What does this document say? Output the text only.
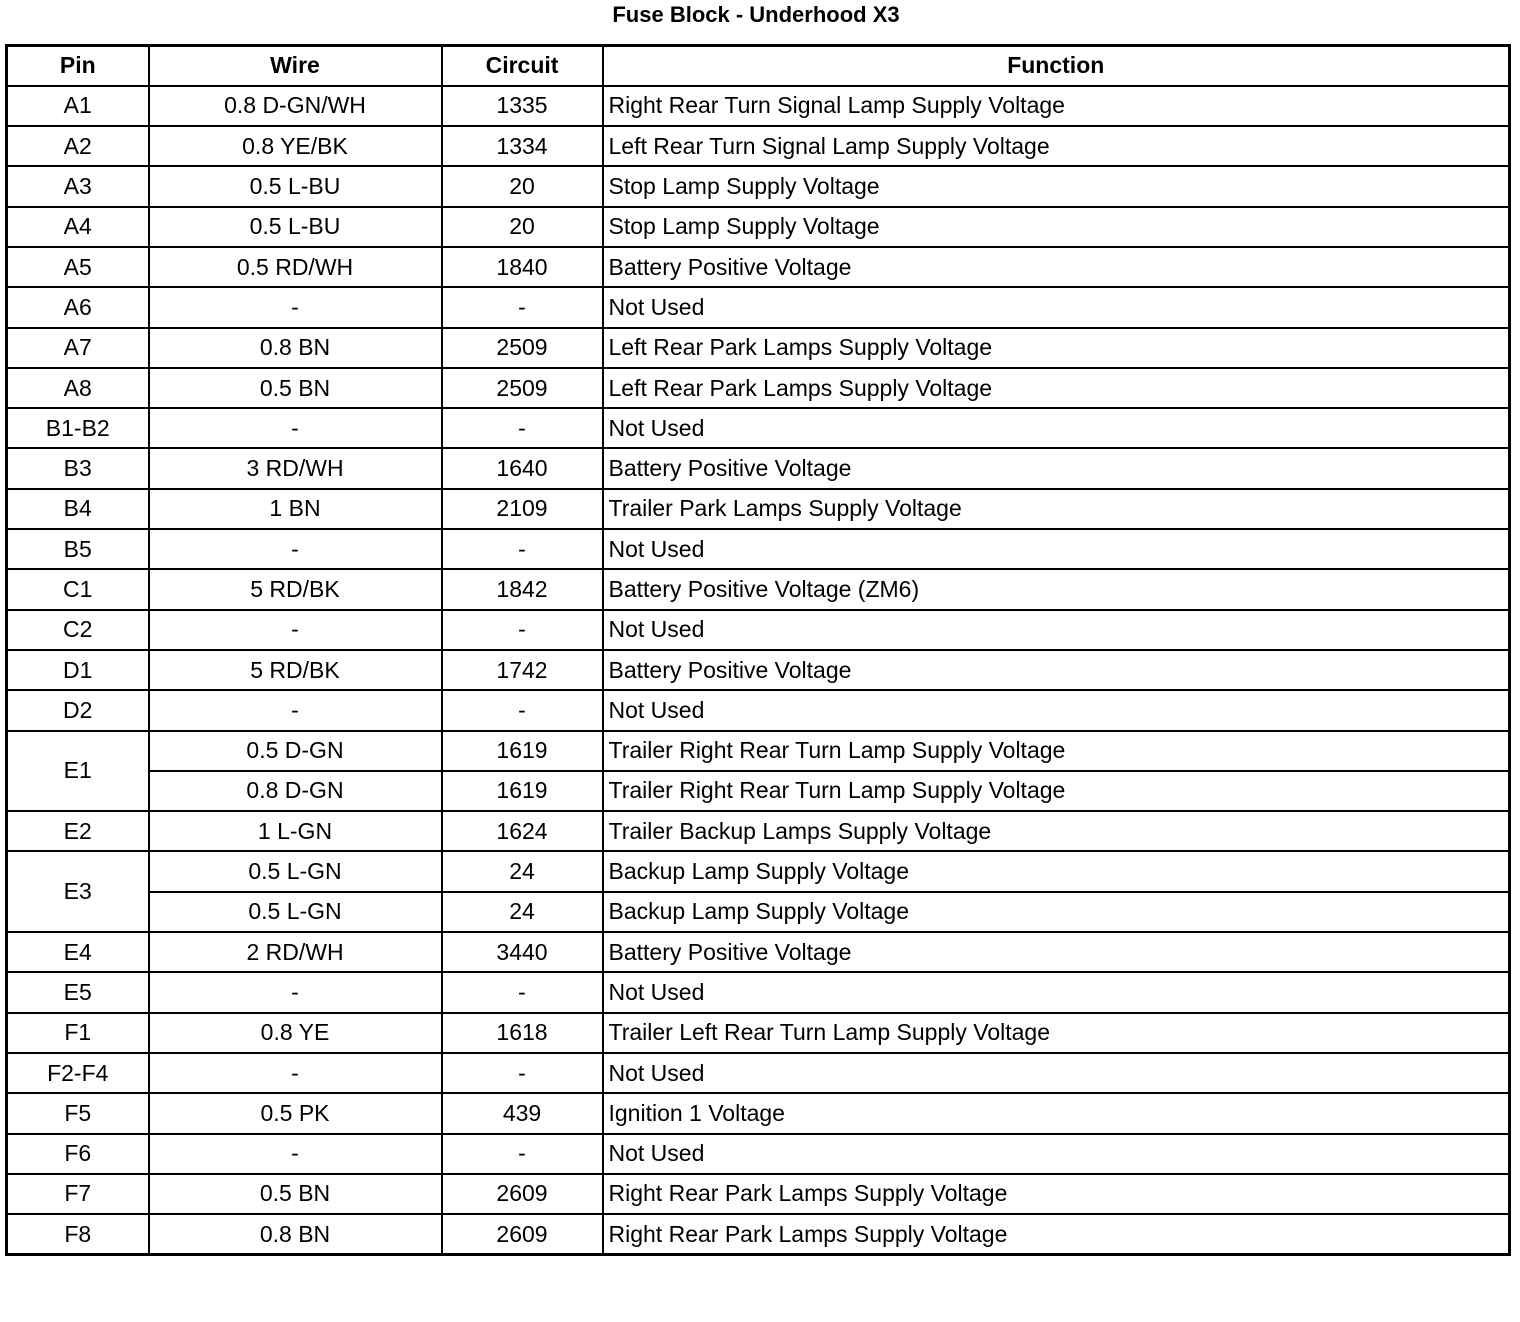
Fuse Block - Underhood X3
Pin	Wire	Circuit	Function
A1	0.8 D-GN/WH	1335	Right Rear Turn Signal Lamp Supply Voltage
A2	0.8 YE/BK	1334	Left Rear Turn Signal Lamp Supply Voltage
A3	0.5 L-BU	20	Stop Lamp Supply Voltage
A4	0.5 L-BU	20	Stop Lamp Supply Voltage
A5	0.5 RD/WH	1840	Battery Positive Voltage
A6	-	-	Not Used
A7	0.8 BN	2509	Left Rear Park Lamps Supply Voltage
A8	0.5 BN	2509	Left Rear Park Lamps Supply Voltage
B1-B2	-	-	Not Used
B3	3 RD/WH	1640	Battery Positive Voltage
B4	1 BN	2109	Trailer Park Lamps Supply Voltage
B5	-	-	Not Used
C1	5 RD/BK	1842	Battery Positive Voltage (ZM6)
C2	-	-	Not Used
D1	5 RD/BK	1742	Battery Positive Voltage
D2	-	-	Not Used
E1	0.5 D-GN	1619	Trailer Right Rear Turn Lamp Supply Voltage
	0.8 D-GN	1619	Trailer Right Rear Turn Lamp Supply Voltage
E2	1 L-GN	1624	Trailer Backup Lamps Supply Voltage
E3	0.5 L-GN	24	Backup Lamp Supply Voltage
	0.5 L-GN	24	Backup Lamp Supply Voltage
E4	2 RD/WH	3440	Battery Positive Voltage
E5	-	-	Not Used
F1	0.8 YE	1618	Trailer Left Rear Turn Lamp Supply Voltage
F2-F4	-	-	Not Used
F5	0.5 PK	439	Ignition 1 Voltage
F6	-	-	Not Used
F7	0.5 BN	2609	Right Rear Park Lamps Supply Voltage
F8	0.8 BN	2609	Right Rear Park Lamps Supply Voltage
